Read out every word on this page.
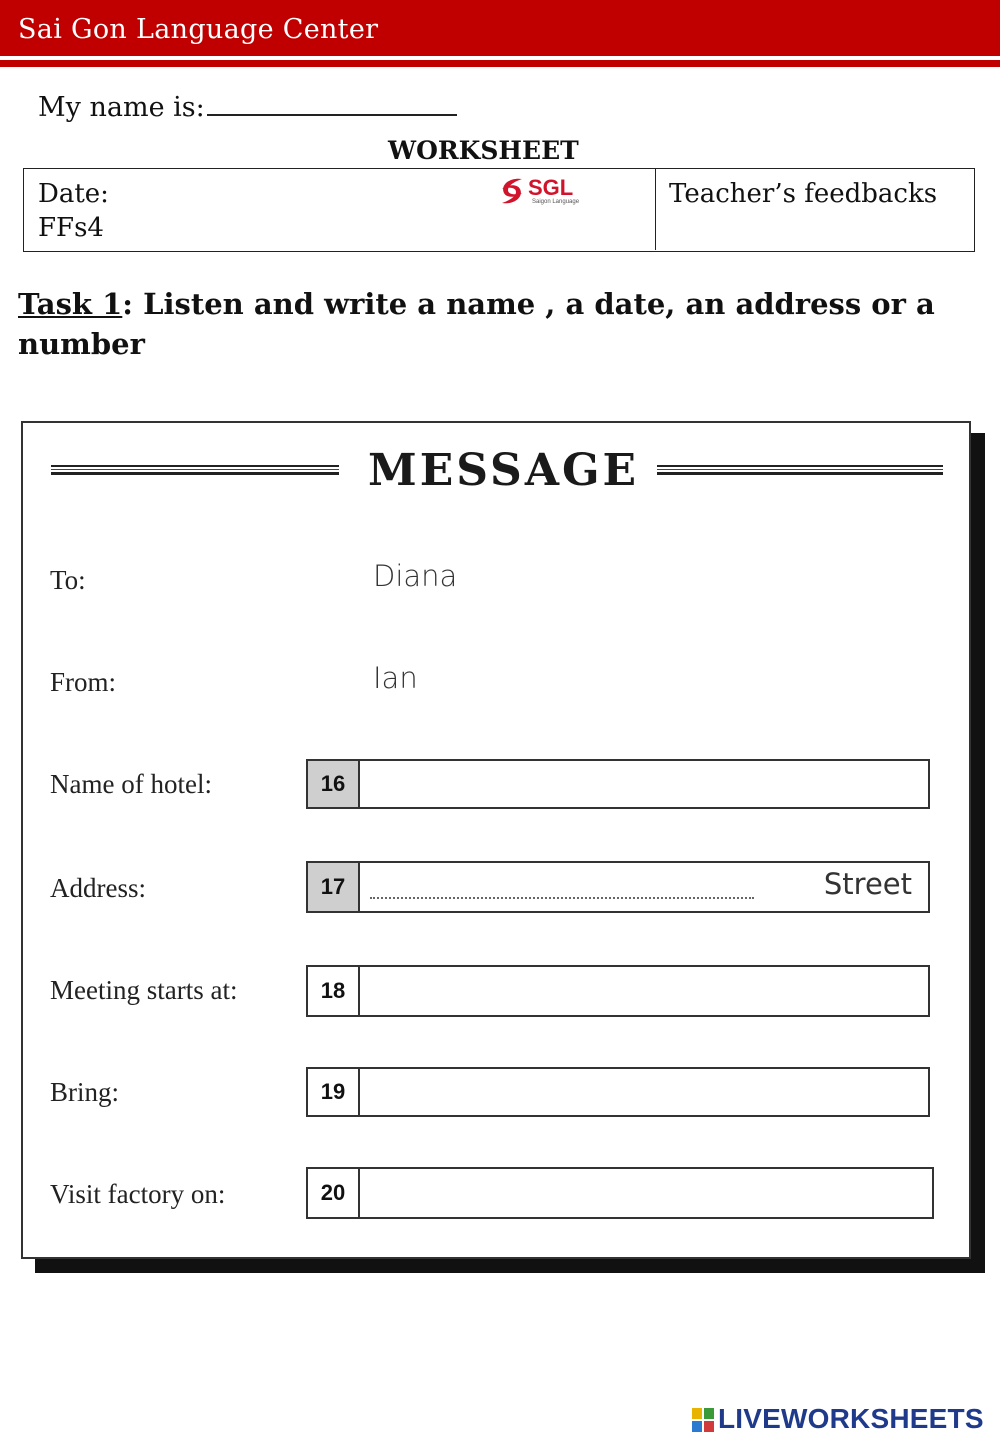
Sai Gon Language Center
My name is:
WORKSHEET
Date:
FFs4
SGL
Saigon Language	Teacher’s feedbacks
Task 1: Listen and write a name , a date, an address or a number
MESSAGE
To:	Diana
From:	Ian
Name of hotel:	16
Address:	17	Street
Meeting starts at:	18
Bring:	19
Visit factory on:	20
LIVEWORKSHEETS
